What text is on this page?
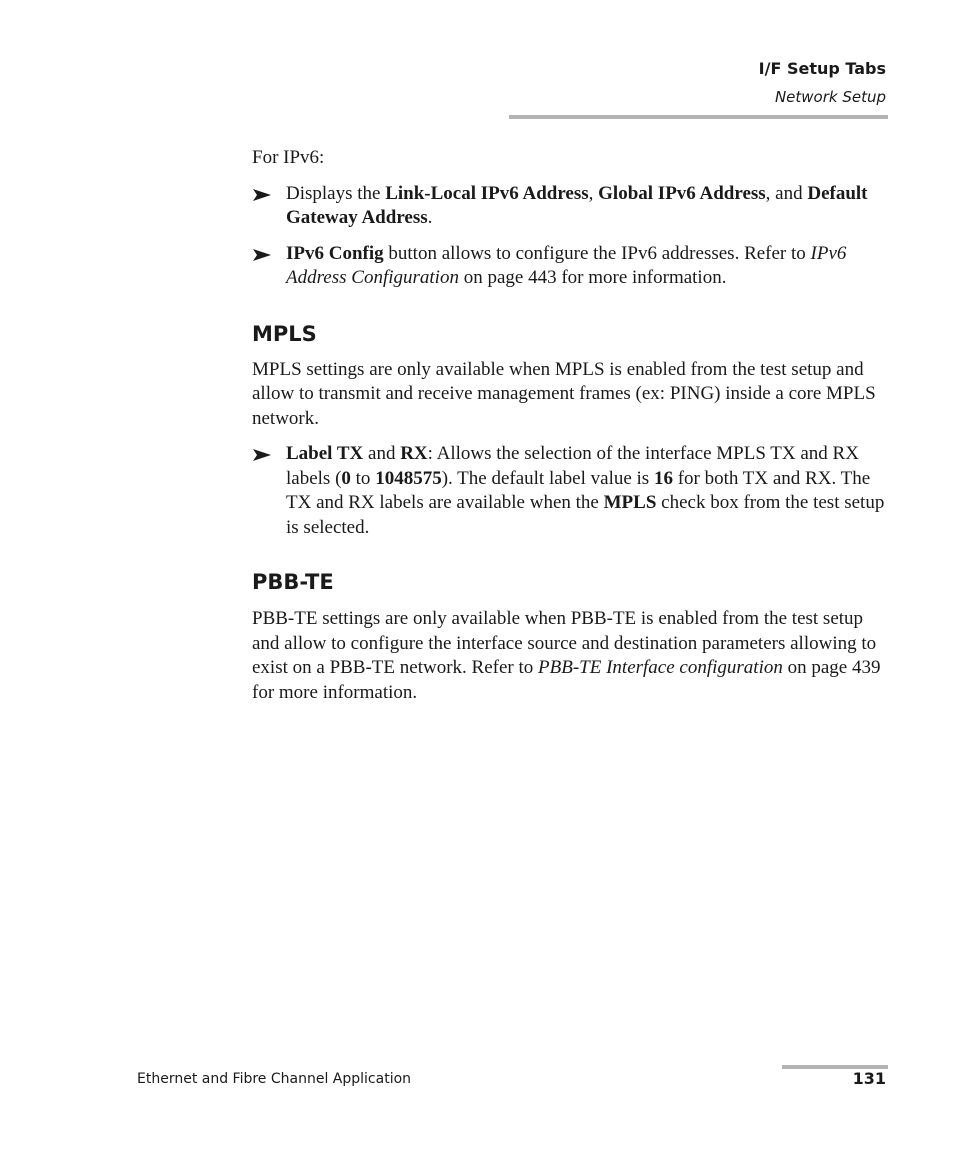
I/F Setup Tabs
Network Setup

For IPv6:

Displays the Link-Local IPv6 Address, Global IPv6 Address, and Default Gateway Address.
IPv6 Config button allows to configure the IPv6 addresses. Refer to IPv6 Address Configuration on page 443 for more information.
MPLS

MPLS settings are only available when MPLS is enabled from the test setup and allow to transmit and receive management frames (ex: PING) inside a core MPLS network.

Label TX and RX: Allows the selection of the interface MPLS TX and RX labels (0 to 1048575). The default label value is 16 for both TX and RX. The TX and RX labels are available when the MPLS check box from the test setup is selected.
PBB-TE

PBB-TE settings are only available when PBB-TE is enabled from the test setup and allow to configure the interface source and destination parameters allowing to exist on a PBB-TE network. Refer to PBB-TE Interface configuration on page 439 for more information.

Ethernet and Fibre Channel Application	131
